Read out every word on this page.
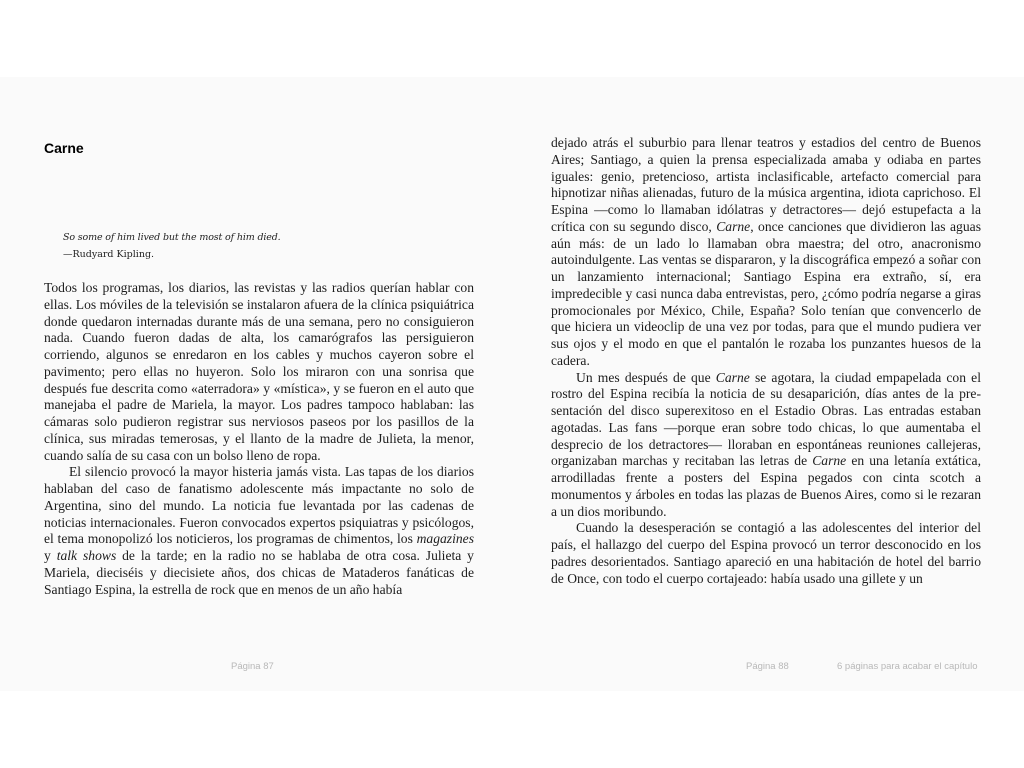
Carne

So some of him lived but the most of him died.

—Rudyard Kipling.

Todos los programas, los diarios, las revistas y las radios querían hablar con ellas. Los móviles de la televisión se instalaron afuera de la clínica psiquiátrica donde quedaron internadas durante más de una semana, pero no consiguieron nada. Cuando fueron dadas de alta, los camarógrafos las persiguieron corriendo, algunos se enredaron en los cables y muchos cayeron sobre el pavimento; pero ellas no huyeron. Solo los miraron con una sonrisa que después fue descrita como «aterradora» y «mística», y se fueron en el auto que manejaba el padre de Mariela, la mayor. Los padres tampoco hablaban: las cámaras solo pudieron registrar sus nerviosos paseos por los pasillos de la clínica, sus miradas temerosas, y el llanto de la madre de Julieta, la menor, cuando salía de su casa con un bolso lleno de ropa.

El silencio provocó la mayor histeria jamás vista. Las tapas de los diarios hablaban del caso de fanatismo adolescente más impactante no solo de Argentina, sino del mundo. La noticia fue levantada por las cadenas de noticias internacionales. Fueron convocados expertos psiquiatras y psicólogos, el tema monopolizó los noticieros, los programas de chimentos, los magazines y talk shows de la tarde; en la radio no se hablaba de otra cosa. Julieta y Mariela, dieciséis y diecisiete años, dos chicas de Mataderos fanáticas de Santiago Espina, la estrella de rock que en menos de un año había

dejado atrás el suburbio para llenar teatros y estadios del centro de Buenos Aires; Santiago, a quien la prensa especializada amaba y odiaba en partes iguales: genio, pretencioso, artista inclasificable, artefacto comercial para hipnotizar niñas alienadas, futuro de la música argentina, idiota caprichoso. El Espina —como lo llamaban idólatras y detractores— dejó estupefacta a la crítica con su segundo disco, Carne, once canciones que dividieron las aguas aún más: de un lado lo llamaban obra maestra; del otro, anacronismo autoindulgente. Las ventas se dispararon, y la discográfica empezó a soñar con un lanzamiento internacional; Santiago Espina era extraño, sí, era impredecible y casi nunca daba entrevistas, pero, ¿cómo podría negarse a giras promocionales por México, Chile, España? Solo tenían que convencerlo de que hiciera un videoclip de una vez por todas, para que el mundo pudiera ver sus ojos y el modo en que el pantalón le rozaba los punzantes huesos de la cadera.

Un mes después de que Carne se agotara, la ciudad empapelada con el rostro del Espina recibía la noticia de su desaparición, días antes de la presentación del disco superexitoso en el Estadio Obras. Las entradas estaban agotadas. Las fans —porque eran sobre todo chicas, lo que aumentaba el desprecio de los detractores— lloraban en espontáneas reuniones callejeras, organizaban marchas y recitaban las letras de Carne en una letanía extática, arrodilladas frente a posters del Espina pegados con cinta scotch a monumentos y árboles en todas las plazas de Buenos Aires, como si le rezaran a un dios moribundo.

Cuando la desesperación se contagió a las adolescentes del interior del país, el hallazgo del cuerpo del Espina provocó un terror desconocido en los padres desorientados. Santiago apareció en una habitación de hotel del barrio de Once, con todo el cuerpo cortajeado: había usado una gillete y un

Página 87	Página 88	6 páginas para acabar el capítulo
